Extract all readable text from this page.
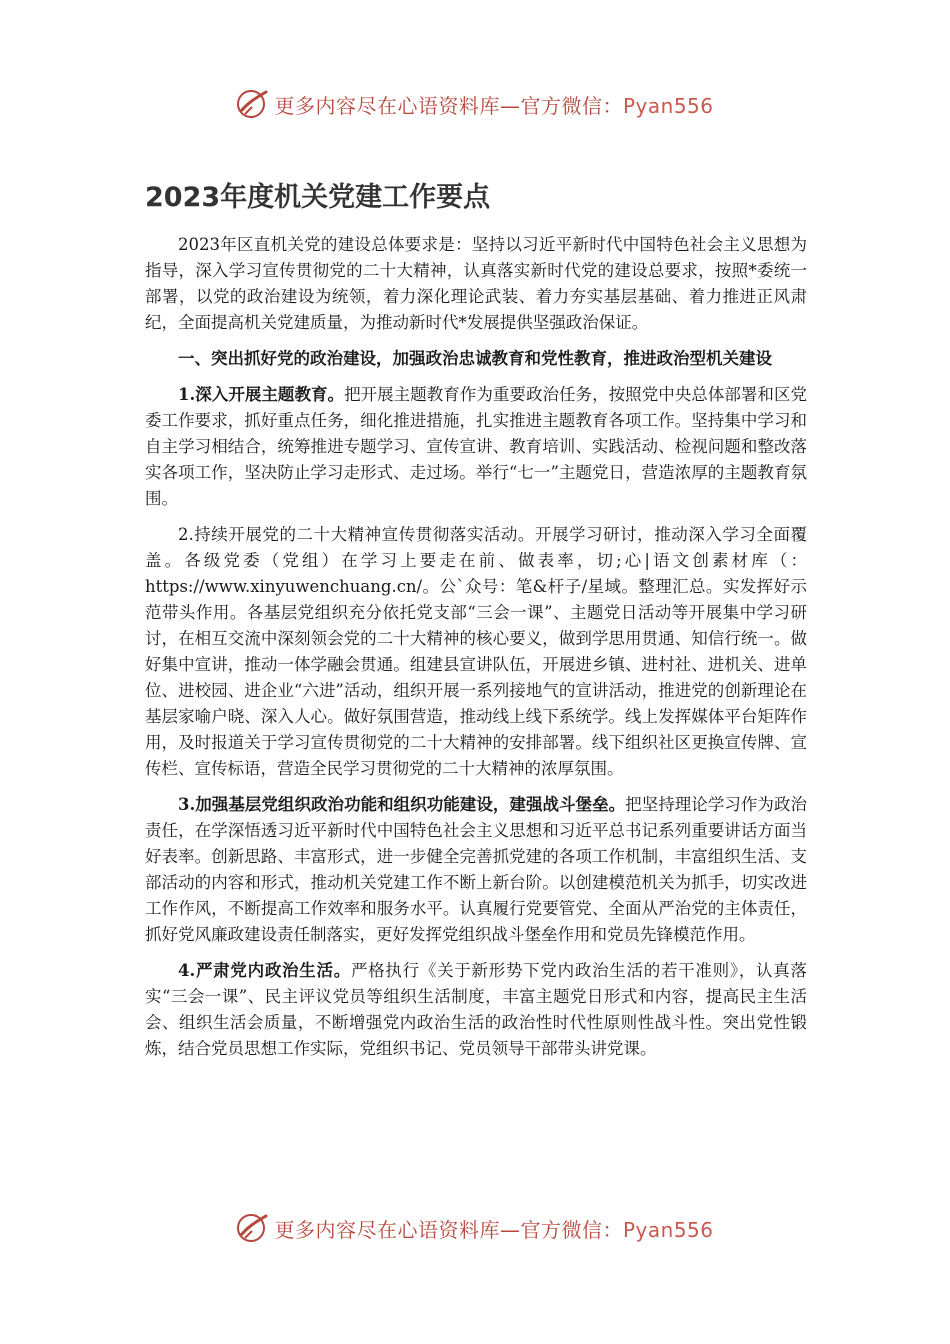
更多内容尽在心语资料库—官方微信：Pyan556
2023年度机关党建工作要点

2023年区直机关党的建设总体要求是：坚持以习近平新时代中国特色社会主义思想为指导，深入学习宣传贯彻党的二十大精神，认真落实新时代党的建设总要求，按照*委统一部署，以党的政治建设为统领，着力深化理论武装、着力夯实基层基础、着力推进正风肃纪，全面提高机关党建质量，为推动新时代*发展提供坚强政治保证。

一、突出抓好党的政治建设，加强政治忠诚教育和党性教育，推进政治型机关建设

1.深入开展主题教育。把开展主题教育作为重要政治任务，按照党中央总体部署和区党委工作要求，抓好重点任务，细化推进措施，扎实推进主题教育各项工作。坚持集中学习和自主学习相结合，统筹推进专题学习、宣传宣讲、教育培训、实践活动、检视问题和整改落实各项工作，坚决防止学习走形式、走过场。举行“七一”主题党日，营造浓厚的主题教育氛围。

2.持续开展党的二十大精神宣传贯彻落实活动。开展学习研讨，推动深入学习全面覆盖。各级党委（党组）在学习上要走在前、做表率，切;心|语文创素材库（：https://www.xinyuwenchuang.cn/。公`众号：笔&杆子/星域。整理汇总。实发挥好示范带头作用。各基层党组织充分依托党支部“三会一课”、主题党日活动等开展集中学习研讨，在相互交流中深刻领会党的二十大精神的核心要义，做到学思用贯通、知信行统一。做好集中宣讲，推动一体学融会贯通。组建县宣讲队伍，开展进乡镇、进村社、进机关、进单位、进校园、进企业“六进”活动，组织开展一系列接地气的宣讲活动，推进党的创新理论在基层家喻户晓、深入人心。做好氛围营造，推动线上线下系统学。线上发挥媒体平台矩阵作用，及时报道关于学习宣传贯彻党的二十大精神的安排部署。线下组织社区更换宣传牌、宣传栏、宣传标语，营造全民学习贯彻党的二十大精神的浓厚氛围。

3.加强基层党组织政治功能和组织功能建设，建强战斗堡垒。把坚持理论学习作为政治责任，在学深悟透习近平新时代中国特色社会主义思想和习近平总书记系列重要讲话方面当好表率。创新思路、丰富形式，进一步健全完善抓党建的各项工作机制，丰富组织生活、支部活动的内容和形式，推动机关党建工作不断上新台阶。以创建模范机关为抓手，切实改进工作作风，不断提高工作效率和服务水平。认真履行党要管党、全面从严治党的主体责任，抓好党风廉政建设责任制落实，更好发挥党组织战斗堡垒作用和党员先锋模范作用。

4.严肃党内政治生活。严格执行《关于新形势下党内政治生活的若干准则》，认真落实“三会一课”、民主评议党员等组织生活制度，丰富主题党日形式和内容，提高民主生活会、组织生活会质量，不断增强党内政治生活的政治性时代性原则性战斗性。突出党性锻炼，结合党员思想工作实际，党组织书记、党员领导干部带头讲党课。

更多内容尽在心语资料库—官方微信：Pyan556
